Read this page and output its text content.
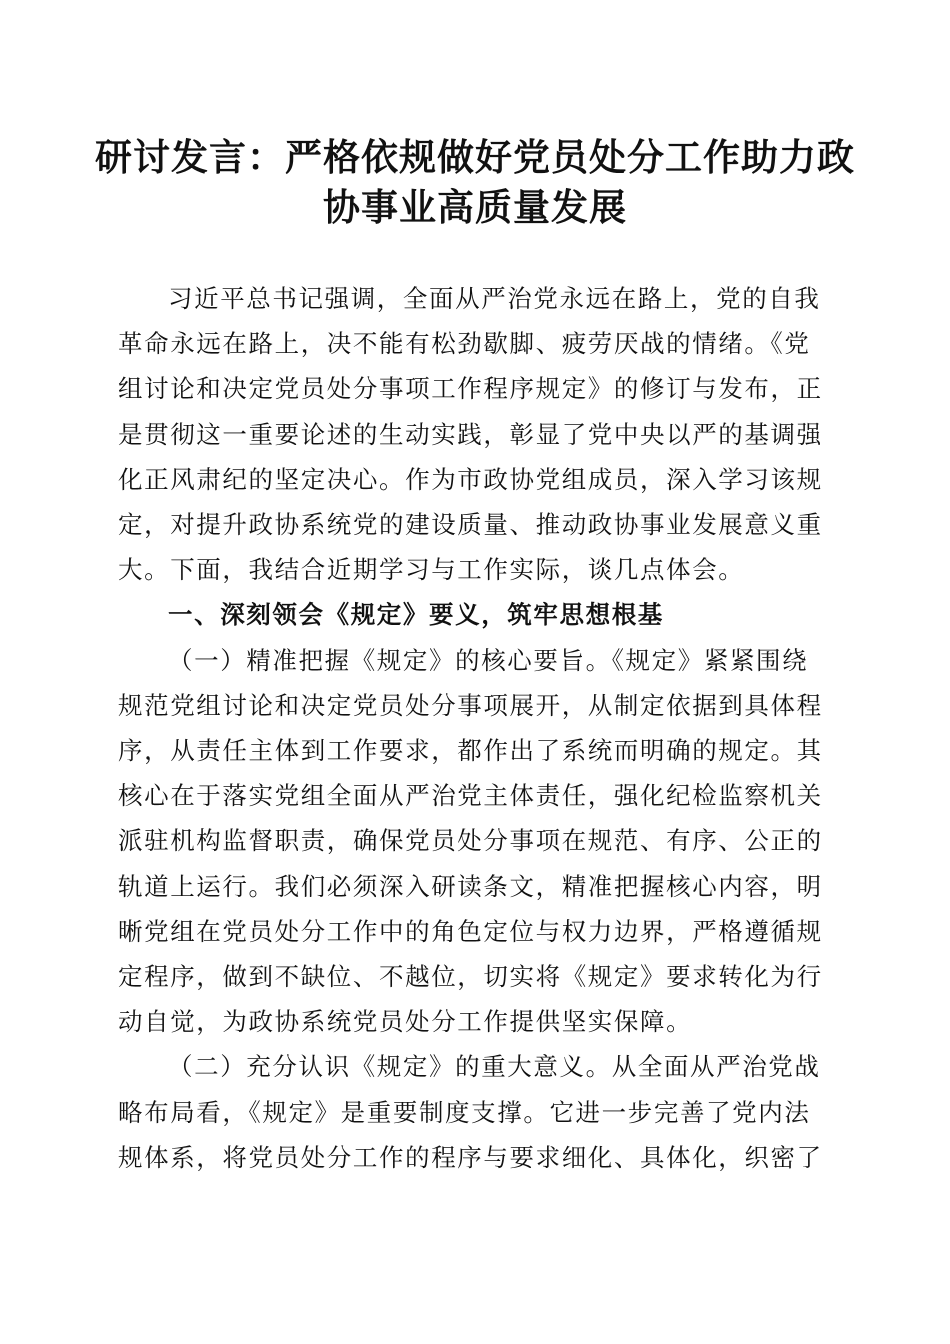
研讨发言：严格依规做好党员处分工作助力政
协事业高质量发展

习近平总书记强调，全面从严治党永远在路上，党的自我
革命永远在路上，决不能有松劲歇脚、疲劳厌战的情绪。《党
组讨论和决定党员处分事项工作程序规定》的修订与发布，正
是贯彻这一重要论述的生动实践，彰显了党中央以严的基调强
化正风肃纪的坚定决心。作为市政协党组成员，深入学习该规
定，对提升政协系统党的建设质量、推动政协事业发展意义重
大。下面，我结合近期学习与工作实际，谈几点体会。

一、深刻领会《规定》要义，筑牢思想根基

（一）精准把握《规定》的核心要旨。《规定》紧紧围绕
规范党组讨论和决定党员处分事项展开，从制定依据到具体程
序，从责任主体到工作要求，都作出了系统而明确的规定。其
核心在于落实党组全面从严治党主体责任，强化纪检监察机关
派驻机构监督职责，确保党员处分事项在规范、有序、公正的
轨道上运行。我们必须深入研读条文，精准把握核心内容，明
晰党组在党员处分工作中的角色定位与权力边界，严格遵循规
定程序，做到不缺位、不越位，切实将《规定》要求转化为行
动自觉，为政协系统党员处分工作提供坚实保障。

（二）充分认识《规定》的重大意义。从全面从严治党战
略布局看，《规定》是重要制度支撑。它进一步完善了党内法
规体系，将党员处分工作的程序与要求细化、具体化，织密了
